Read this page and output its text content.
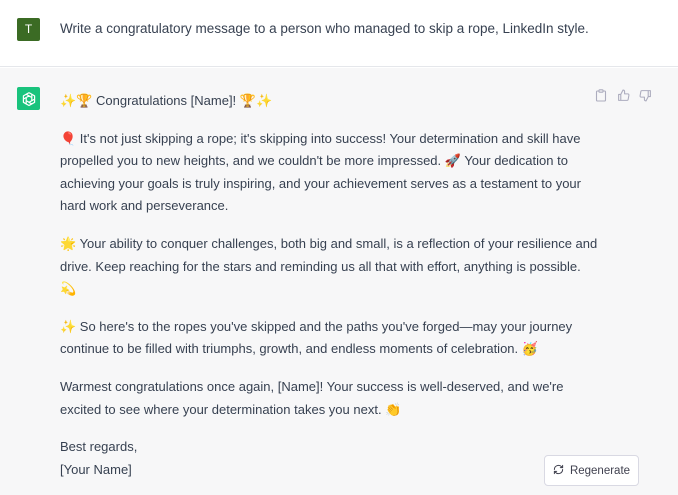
T	Write a congratulatory message to a person who managed to skip a rope, LinkedIn style.

✨🏆 Congratulations [Name]! 🏆✨

🎈 It's not just skipping a rope; it's skipping into success! Your determination and skill have propelled you to new heights, and we couldn't be more impressed. 🚀 Your dedication to achieving your goals is truly inspiring, and your achievement serves as a testament to your hard work and perseverance.

🌟 Your ability to conquer challenges, both big and small, is a reflection of your resilience and drive. Keep reaching for the stars and reminding us all that with effort, anything is possible. 💫

✨ So here's to the ropes you've skipped and the paths you've forged—may your journey continue to be filled with triumphs, growth, and endless moments of celebration. 🥳

Warmest congratulations once again, [Name]! Your success is well-deserved, and we're excited to see where your determination takes you next. 👏

Best regards,

[Your Name]	Regenerate
